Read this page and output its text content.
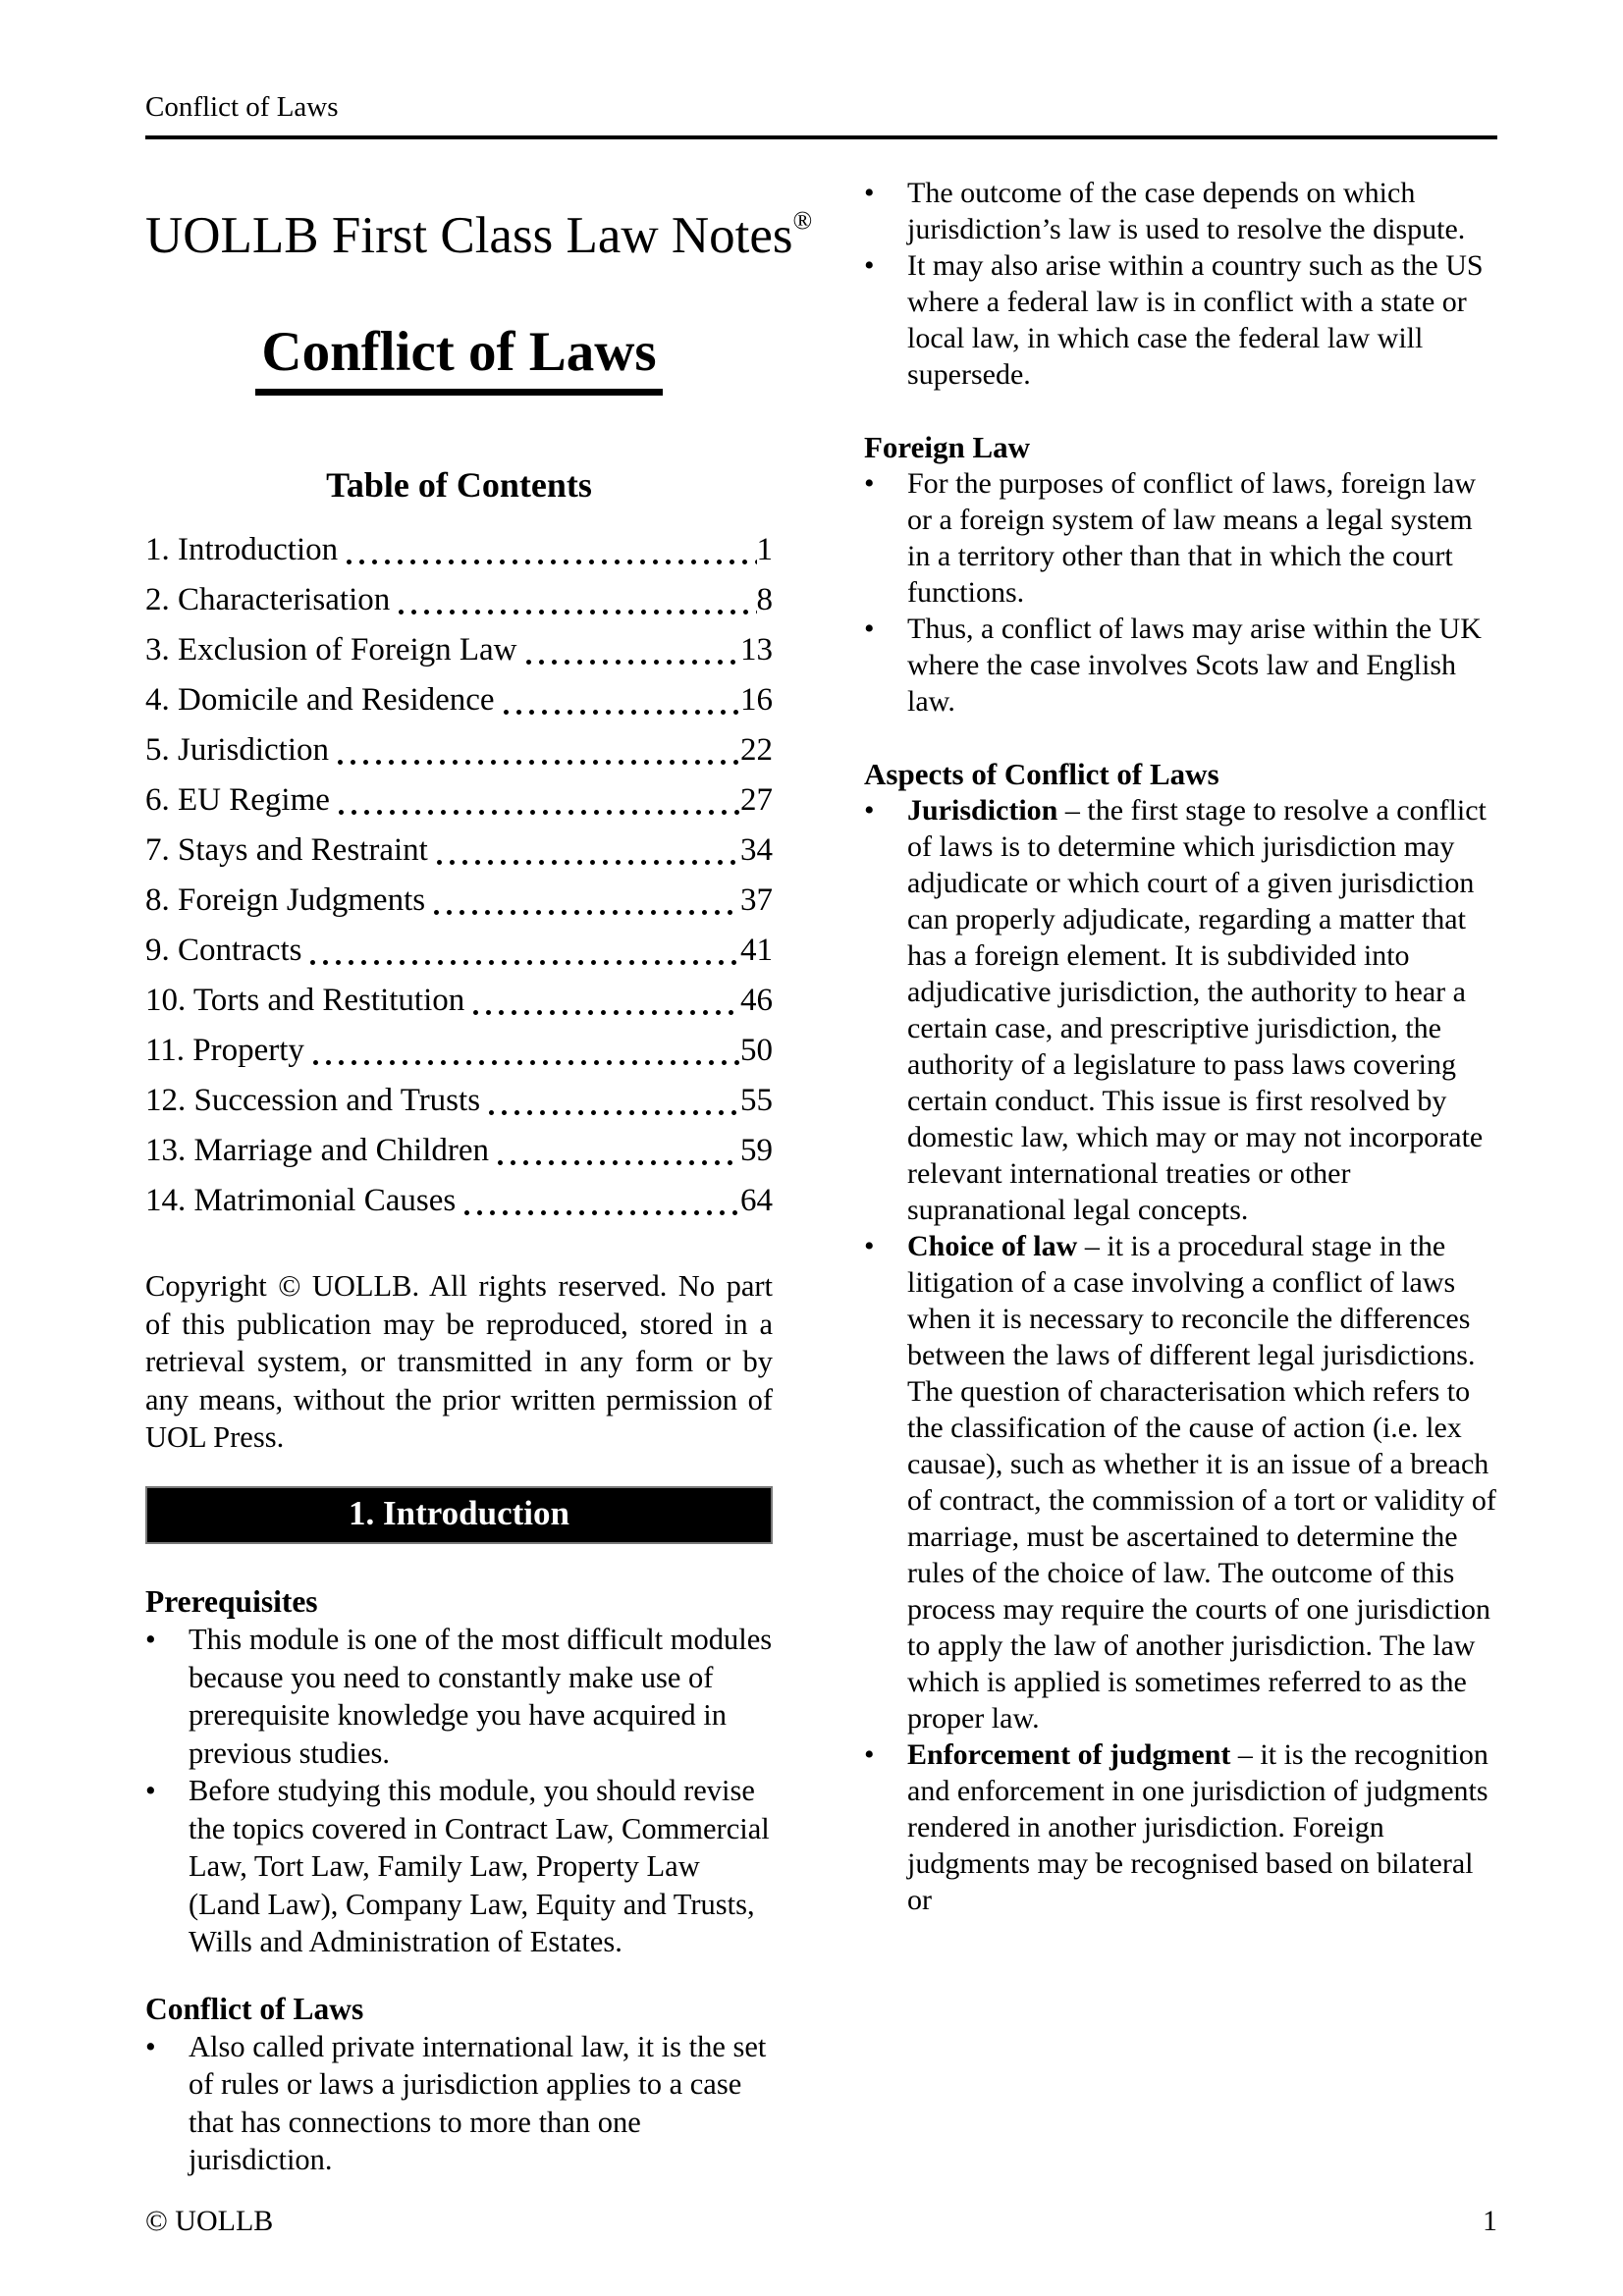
Conflict of Laws
UOLLB First Class Law Notes®
Conflict of Laws
Table of Contents
1. Introduction	1
2. Characterisation	8
3. Exclusion of Foreign Law	13
4. Domicile and Residence	16
5. Jurisdiction	22
6. EU Regime	27
7. Stays and Restraint	34
8. Foreign Judgments	37
9. Contracts	41
10. Torts and Restitution	46
11. Property	50
12. Succession and Trusts	55
13. Marriage and Children	59
14. Matrimonial Causes	64

Copyright © UOLLB. All rights reserved. No part of this publication may be reproduced, stored in a retrieval system, or transmitted in any form or by any means, without the prior written permission of UOL Press.

1. Introduction
Prerequisites
•	This module is one of the most difficult modules because you need to constantly make use of prerequisite knowledge you have acquired in previous studies.

•	Before studying this module, you should revise the topics covered in Contract Law, Commercial Law, Tort Law, Family Law, Property Law (Land Law), Company Law, Equity and Trusts, Wills and Administration of Estates.

Conflict of Laws
•	Also called private international law, it is the set of rules or laws a jurisdiction applies to a case that has connections to more than one jurisdiction.

•	The outcome of the case depends on which jurisdiction’s law is used to resolve the dispute.

•	It may also arise within a country such as the US where a federal law is in conflict with a state or local law, in which case the federal law will supersede.

Foreign Law
•	For the purposes of conflict of laws, foreign law or a foreign system of law means a legal system in a territory other than that in which the court functions.

•	Thus, a conflict of laws may arise within the UK where the case involves Scots law and English law.

Aspects of Conflict of Laws
•	Jurisdiction – the first stage to resolve a conflict of laws is to determine which jurisdiction may adjudicate or which court of a given jurisdiction can properly adjudicate, regarding a matter that has a foreign element. It is subdivided into adjudicative jurisdiction, the authority to hear a certain case, and prescriptive jurisdiction, the authority of a legislature to pass laws covering certain conduct. This issue is first resolved by domestic law, which may or may not incorporate relevant international treaties or other supranational legal concepts.

•	Choice of law – it is a procedural stage in the litigation of a case involving a conflict of laws when it is necessary to reconcile the differences between the laws of different legal jurisdictions. The question of characterisation which refers to the classification of the cause of action (i.e. lex causae), such as whether it is an issue of a breach of contract, the commission of a tort or validity of marriage, must be ascertained to determine the rules of the choice of law. The outcome of this process may require the courts of one jurisdiction to apply the law of another jurisdiction. The law which is applied is sometimes referred to as the proper law.

•	Enforcement of judgment – it is the recognition and enforcement in one jurisdiction of judgments rendered in another jurisdiction. Foreign judgments may be recognised based on bilateral or

© UOLLB	1
